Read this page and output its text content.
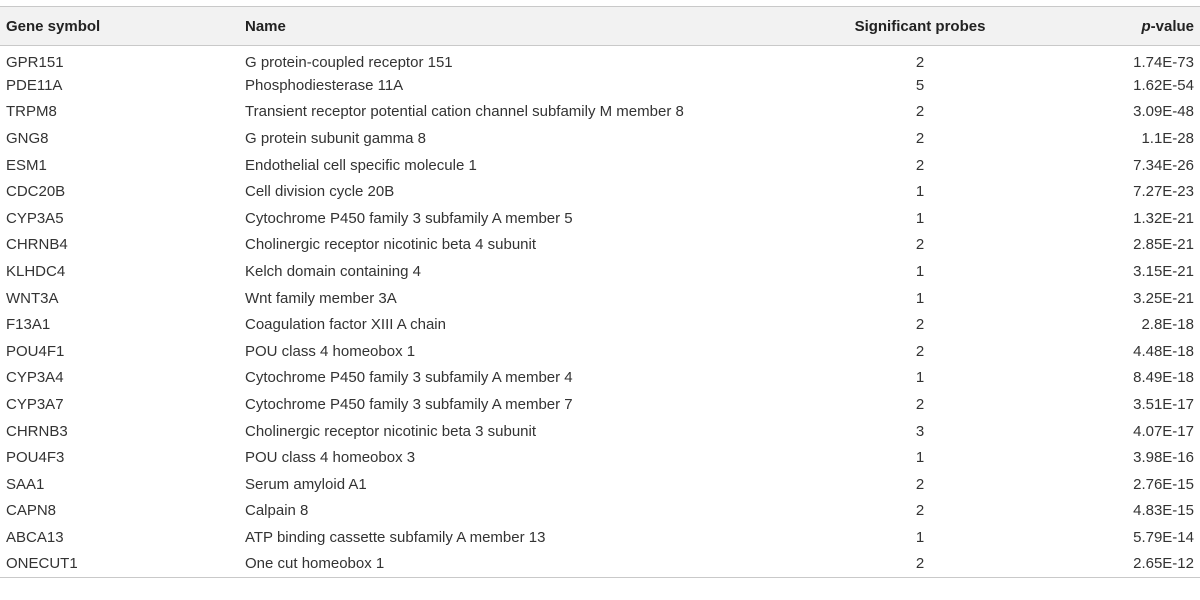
Gene symbol	Name	Significant probes	p-value
GPR151	G protein-coupled receptor 151	2	1.74E-73
PDE11A	Phosphodiesterase 11A	5	1.62E-54
TRPM8	Transient receptor potential cation channel subfamily M member 8	2	3.09E-48
GNG8	G protein subunit gamma 8	2	1.1E-28
ESM1	Endothelial cell specific molecule 1	2	7.34E-26
CDC20B	Cell division cycle 20B	1	7.27E-23
CYP3A5	Cytochrome P450 family 3 subfamily A member 5	1	1.32E-21
CHRNB4	Cholinergic receptor nicotinic beta 4 subunit	2	2.85E-21
KLHDC4	Kelch domain containing 4	1	3.15E-21
WNT3A	Wnt family member 3A	1	3.25E-21
F13A1	Coagulation factor XIII A chain	2	2.8E-18
POU4F1	POU class 4 homeobox 1	2	4.48E-18
CYP3A4	Cytochrome P450 family 3 subfamily A member 4	1	8.49E-18
CYP3A7	Cytochrome P450 family 3 subfamily A member 7	2	3.51E-17
CHRNB3	Cholinergic receptor nicotinic beta 3 subunit	3	4.07E-17
POU4F3	POU class 4 homeobox 3	1	3.98E-16
SAA1	Serum amyloid A1	2	2.76E-15
CAPN8	Calpain 8	2	4.83E-15
ABCA13	ATP binding cassette subfamily A member 13	1	5.79E-14
ONECUT1	One cut homeobox 1	2	2.65E-12
